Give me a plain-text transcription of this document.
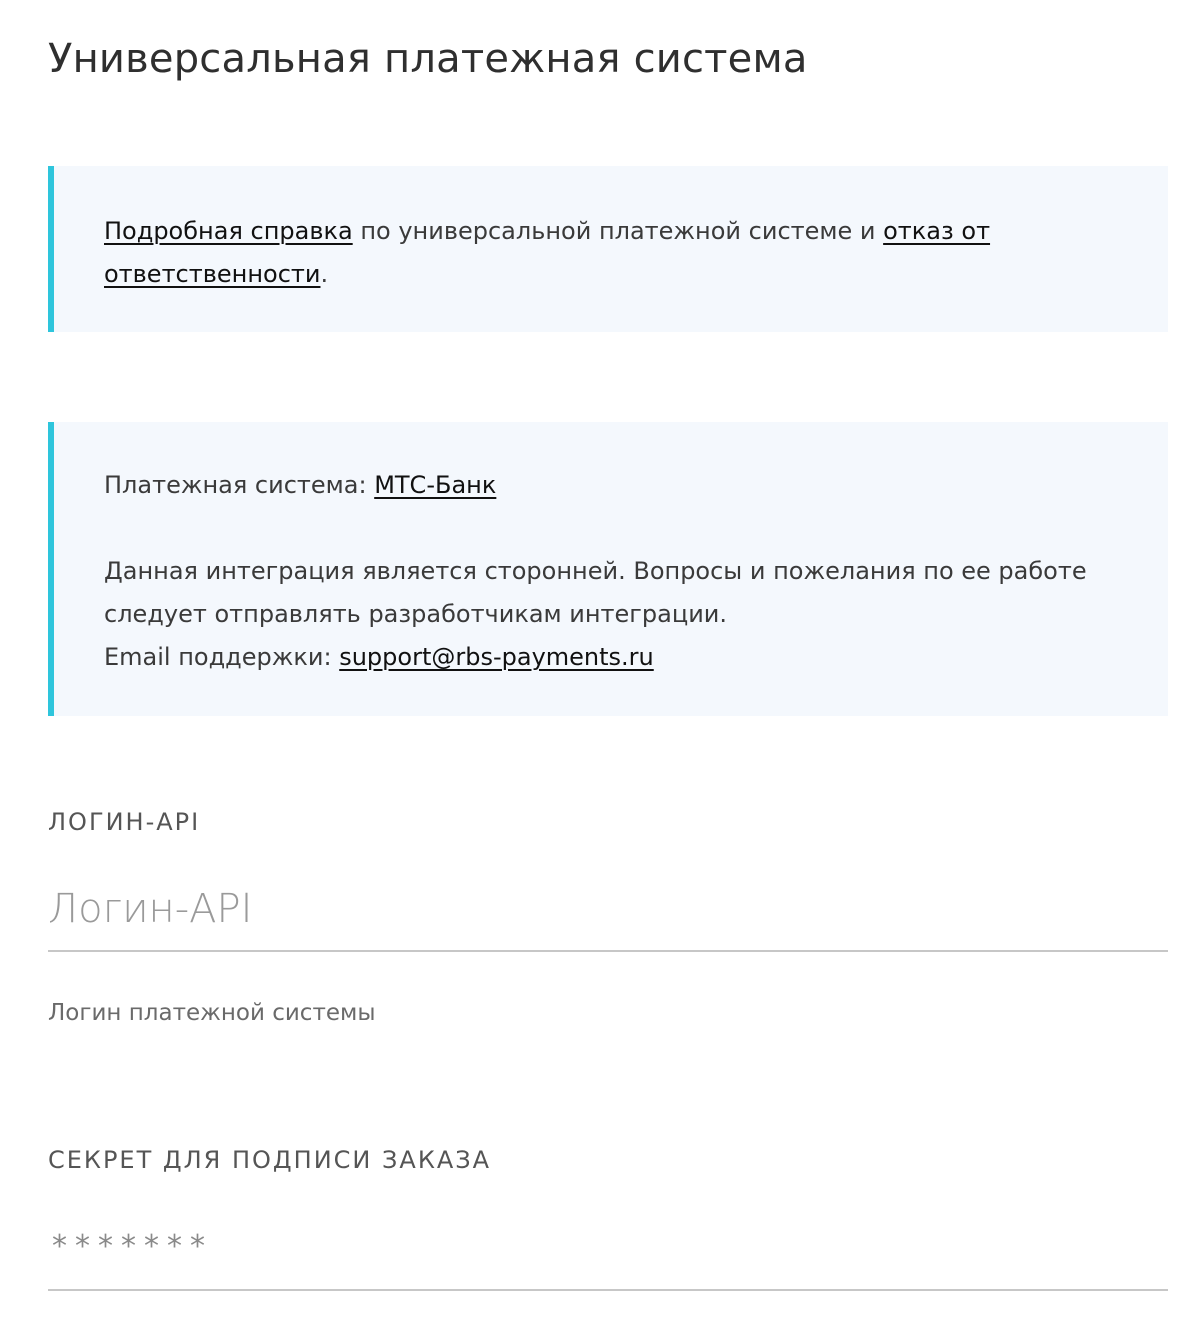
Универсальная платежная система
Подробная справка по универсальной платежной системе и отказ от ответственности.

Платежная система: МТС-Банк

Данная интеграция является сторонней. Вопросы и пожелания по ее работе следует отправлять разработчикам интеграции.

Email поддержки: support@rbs-payments.ru

ЛОГИН-API
Логин-API

Логин платежной системы

СЕКРЕТ ДЛЯ ПОДПИСИ ЗАКАЗА
*******
